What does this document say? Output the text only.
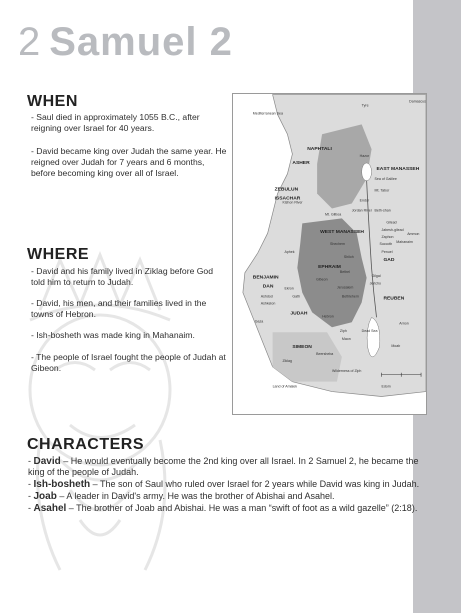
2 Samuel 2
WHEN
- Saul died in approximately 1055 B.C., after reigning over Israel for 40 years.
- David became king over Judah the same year. He reigned over Judah for 7 years and 6 months, before becoming king over all of Israel.
WHERE
- David and his family lived in Ziklag before God told him to return to Judah.
- David, his men, and their families lived in the towns of Hebron.
- Ish-bosheth was made king in Mahanaim.
- The people of Israel fought the people of Judah at Gibeon.
NAPHTALI
ASHER
EAST MANASSEH
ZEBULUN
ISSACHAR
WEST MANASSEH
GAD
EPHRAIM
BENJAMIN
DAN
JUDAH
REUBEN
SIMEON
Tyre
Damascus
Mediterranean Sea
Kishon River
Hazor
Sea of Galilee
Mt. Tabor
Jordan River
Endor
Beth-shan
Mt. Gilboa
Gilead
Jabesh-gilead
Mahanaim
Shechem
Zaphon
Succoth
Ammon
Penuel
Aphek
Shiloh
Bethel
Gibeon
Jerusalem
Ekron
Gath
Ashdod
Ashkelon
Gaza
Hebron
Bethlehem
Gilgal
Jericho
Dead Sea
Ziph
Maon
Arnon
Beersheba
Ziklag
Moab
Wilderness of Ziph
Land of Amalek	Edom
CHARACTERS
- David – He would eventually become the 2nd king over all Israel. In 2 Samuel 2, he became the king of the people of Judah.
- Ish-bosheth – The son of Saul who ruled over Israel for 2 years while David was king in Judah.
- Joab – A leader in David's army. He was the brother of Abishai and Asahel.
- Asahel – The brother of Joab and Abishai. He was a man “swift of foot as a wild gazelle” (2:18).
